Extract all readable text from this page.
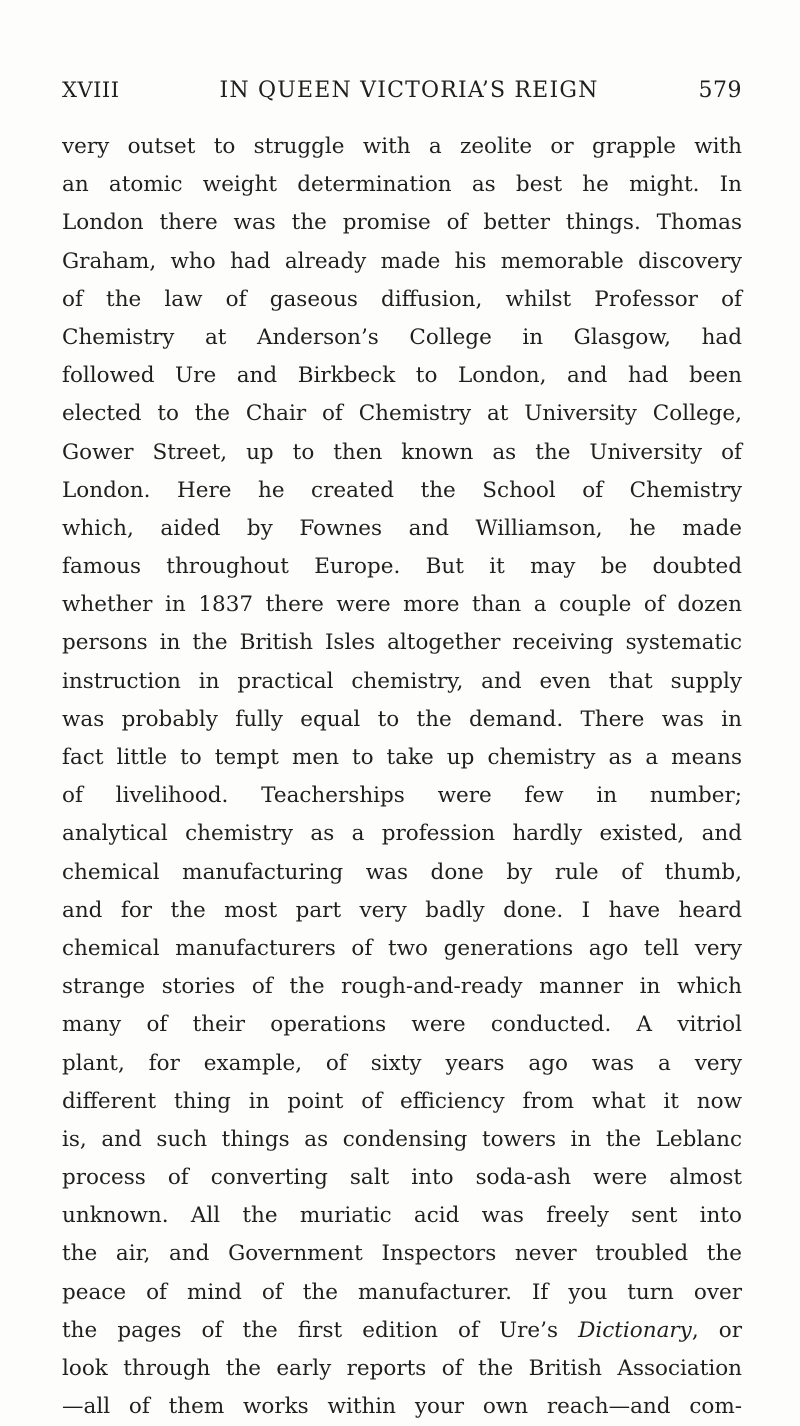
XVIII	IN QUEEN VICTORIA’S REIGN	579
very outset to struggle with a zeolite or grapple with
an atomic weight determination as best he might. In
London there was the promise of better things. Thomas
Graham, who had already made his memorable discovery
of the law of gaseous diffusion, whilst Professor of
Chemistry at Anderson’s College in Glasgow, had
followed Ure and Birkbeck to London, and had been
elected to the Chair of Chemistry at University College,
Gower Street, up to then known as the University of
London. Here he created the School of Chemistry
which, aided by Fownes and Williamson, he made
famous throughout Europe. But it may be doubted
whether in 1837 there were more than a couple of dozen
persons in the British Isles altogether receiving systematic
instruction in practical chemistry, and even that supply
was probably fully equal to the demand. There was in
fact little to tempt men to take up chemistry as a means
of livelihood. Teacherships were few in number;
analytical chemistry as a profession hardly existed, and
chemical manufacturing was done by rule of thumb,
and for the most part very badly done. I have heard
chemical manufacturers of two generations ago tell very
strange stories of the rough-and-ready manner in which
many of their operations were conducted. A vitriol
plant, for example, of sixty years ago was a very
different thing in point of efficiency from what it now
is, and such things as condensing towers in the Leblanc
process of converting salt into soda-ash were almost
unknown. All the muriatic acid was freely sent into
the air, and Government Inspectors never troubled the
peace of mind of the manufacturer. If you turn over
the pages of the first edition of Ure’s Dictionary, or
look through the early reports of the British Association
—all of them works within your own reach—and com-
